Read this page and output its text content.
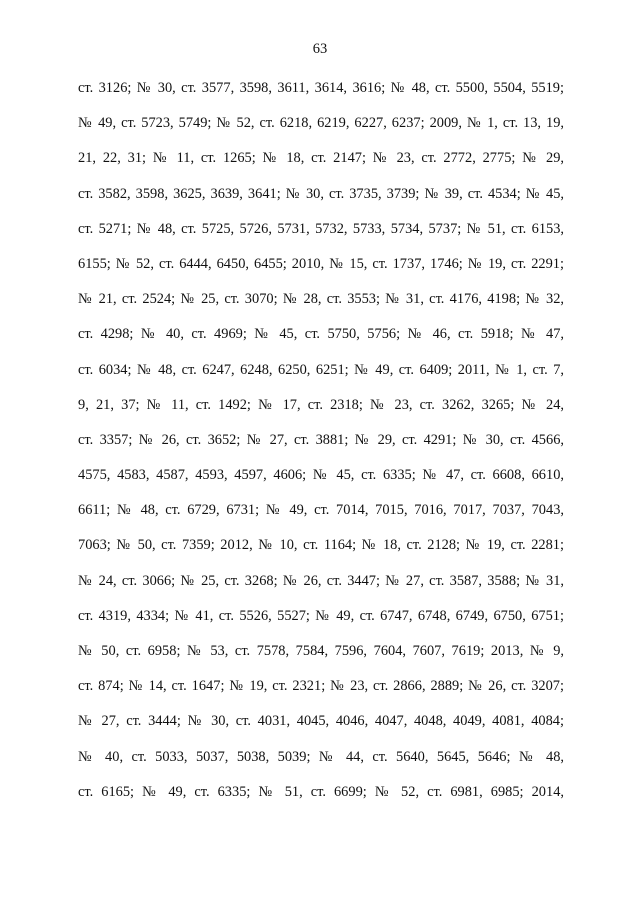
63
ст. 3126; № 30, ст. 3577, 3598, 3611, 3614, 3616; № 48, ст. 5500, 5504, 5519;
№ 49, ст. 5723, 5749; № 52, ст. 6218, 6219, 6227, 6237; 2009, № 1, ст. 13, 19,
21, 22, 31; № 11, ст. 1265; № 18, ст. 2147; № 23, ст. 2772, 2775; № 29,
ст. 3582, 3598, 3625, 3639, 3641; № 30, ст. 3735, 3739; № 39, ст. 4534; № 45,
ст. 5271; № 48, ст. 5725, 5726, 5731, 5732, 5733, 5734, 5737; № 51, ст. 6153,
6155; № 52, ст. 6444, 6450, 6455; 2010, № 15, ст. 1737, 1746; № 19, ст. 2291;
№ 21, ст. 2524; № 25, ст. 3070; № 28, ст. 3553; № 31, ст. 4176, 4198; № 32,
ст. 4298; № 40, ст. 4969; № 45, ст. 5750, 5756; № 46, ст. 5918; № 47,
ст. 6034; № 48, ст. 6247, 6248, 6250, 6251; № 49, ст. 6409; 2011, № 1, ст. 7,
9, 21, 37; № 11, ст. 1492; № 17, ст. 2318; № 23, ст. 3262, 3265; № 24,
ст. 3357; № 26, ст. 3652; № 27, ст. 3881; № 29, ст. 4291; № 30, ст. 4566,
4575, 4583, 4587, 4593, 4597, 4606; № 45, ст. 6335; № 47, ст. 6608, 6610,
6611; № 48, ст. 6729, 6731; № 49, ст. 7014, 7015, 7016, 7017, 7037, 7043,
7063; № 50, ст. 7359; 2012, № 10, ст. 1164; № 18, ст. 2128; № 19, ст. 2281;
№ 24, ст. 3066; № 25, ст. 3268; № 26, ст. 3447; № 27, ст. 3587, 3588; № 31,
ст. 4319, 4334; № 41, ст. 5526, 5527; № 49, ст. 6747, 6748, 6749, 6750, 6751;
№ 50, ст. 6958; № 53, ст. 7578, 7584, 7596, 7604, 7607, 7619; 2013, № 9,
ст. 874; № 14, ст. 1647; № 19, ст. 2321; № 23, ст. 2866, 2889; № 26, ст. 3207;
№ 27, ст. 3444; № 30, ст. 4031, 4045, 4046, 4047, 4048, 4049, 4081, 4084;
№ 40, ст. 5033, 5037, 5038, 5039; № 44, ст. 5640, 5645, 5646; № 48,
ст. 6165; № 49, ст. 6335; № 51, ст. 6699; № 52, ст. 6981, 6985; 2014,
